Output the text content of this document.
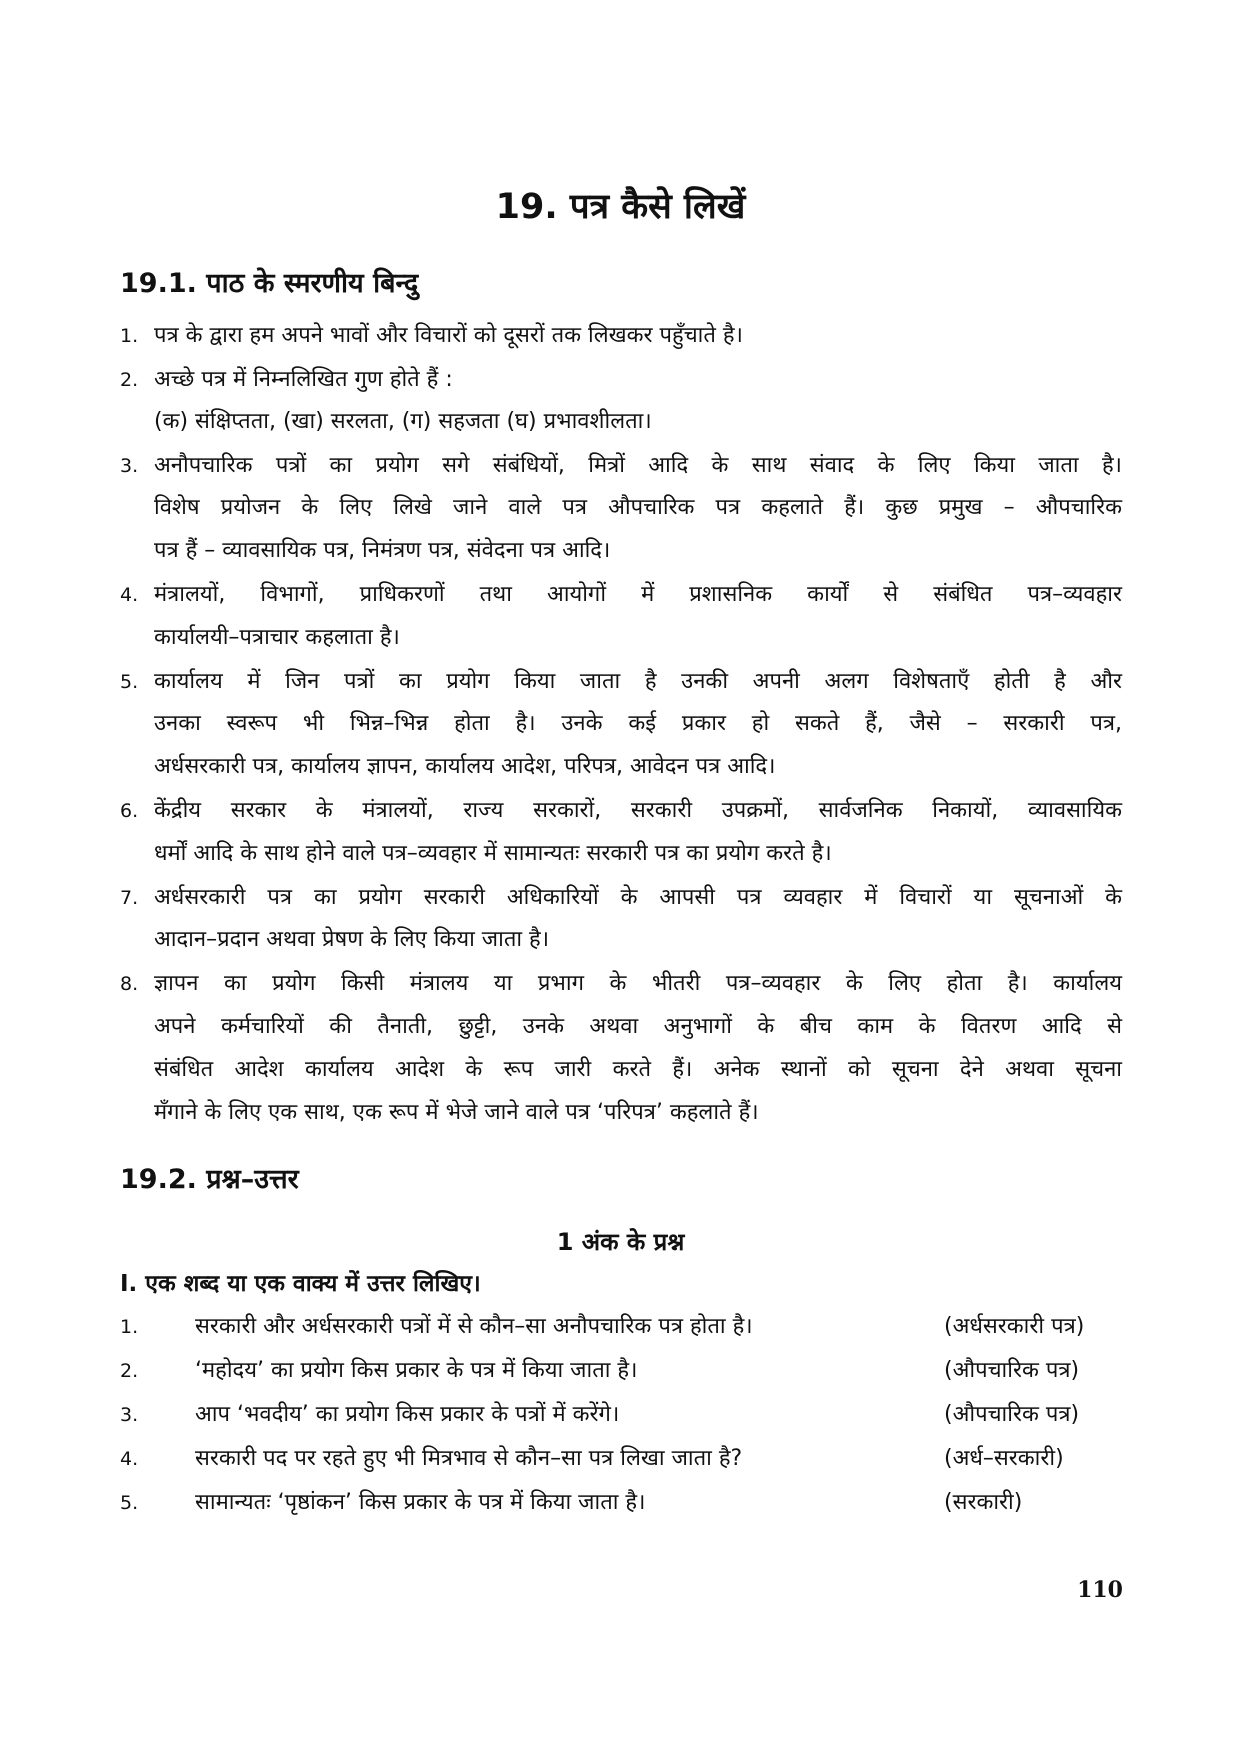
19. पत्र कैसे लिखें
19.1. पाठ के स्मरणीय बिन्दु
1. पत्र के द्वारा हम अपने भावों और विचारों को दूसरों तक लिखकर पहुँचाते है।
2. अच्छे पत्र में निम्नलिखित गुण होते हैं :
(क) संक्षिप्तता, (खा) सरलता, (ग) सहजता (घ) प्रभावशीलता।
3. अनौपचारिक पत्रों का प्रयोग सगे संबंधियों, मित्रों आदि के साथ संवाद के लिए किया जाता है।
विशेष प्रयोजन के लिए लिखे जाने वाले पत्र औपचारिक पत्र कहलाते हैं। कुछ प्रमुख – औपचारिक
पत्र हैं – व्यावसायिक पत्र, निमंत्रण पत्र, संवेदना पत्र आदि।
4. मंत्रालयों, विभागों, प्राधिकरणों तथा आयोगों में प्रशासनिक कार्यों से संबंधित पत्र–व्यवहार
कार्यालयी–पत्राचार कहलाता है।
5. कार्यालय में जिन पत्रों का प्रयोग किया जाता है उनकी अपनी अलग विशेषताएँ होती है और
उनका स्वरूप भी भिन्न–भिन्न होता है। उनके कई प्रकार हो सकते हैं, जैसे – सरकारी पत्र,
अर्धसरकारी पत्र, कार्यालय ज्ञापन, कार्यालय आदेश, परिपत्र, आवेदन पत्र आदि।
6. केंद्रीय सरकार के मंत्रालयों, राज्य सरकारों, सरकारी उपक्रमों, सार्वजनिक निकायों, व्यावसायिक
धर्मों आदि के साथ होने वाले पत्र–व्यवहार में सामान्यतः सरकारी पत्र का प्रयोग करते है।
7. अर्धसरकारी पत्र का प्रयोग सरकारी अधिकारियों के आपसी पत्र व्यवहार में विचारों या सूचनाओं के
आदान–प्रदान अथवा प्रेषण के लिए किया जाता है।
8. ज्ञापन का प्रयोग किसी मंत्रालय या प्रभाग के भीतरी पत्र–व्यवहार के लिए होता है। कार्यालय
अपने कर्मचारियों की तैनाती, छुट्टी, उनके अथवा अनुभागों के बीच काम के वितरण आदि से
संबंधित आदेश कार्यालय आदेश के रूप जारी करते हैं। अनेक स्थानों को सूचना देने अथवा सूचना
मँगाने के लिए एक साथ, एक रूप में भेजे जाने वाले पत्र ‘परिपत्र’ कहलाते हैं।
19.2. प्रश्न–उत्तर
1 अंक के प्रश्न
I. एक शब्द या एक वाक्य में उत्तर लिखिए।
1.	सरकारी और अर्धसरकारी पत्रों में से कौन–सा अनौपचारिक पत्र होता है।	(अर्धसरकारी पत्र)
2.	‘महोदय’ का प्रयोग किस प्रकार के पत्र में किया जाता है।	(औपचारिक पत्र)
3.	आप ‘भवदीय’ का प्रयोग किस प्रकार के पत्रों में करेंगे।	(औपचारिक पत्र)
4.	सरकारी पद पर रहते हुए भी मित्रभाव से कौन–सा पत्र लिखा जाता है?	(अर्ध–सरकारी)
5.	सामान्यतः ‘पृष्ठांकन’ किस प्रकार के पत्र में किया जाता है।	(सरकारी)
110
